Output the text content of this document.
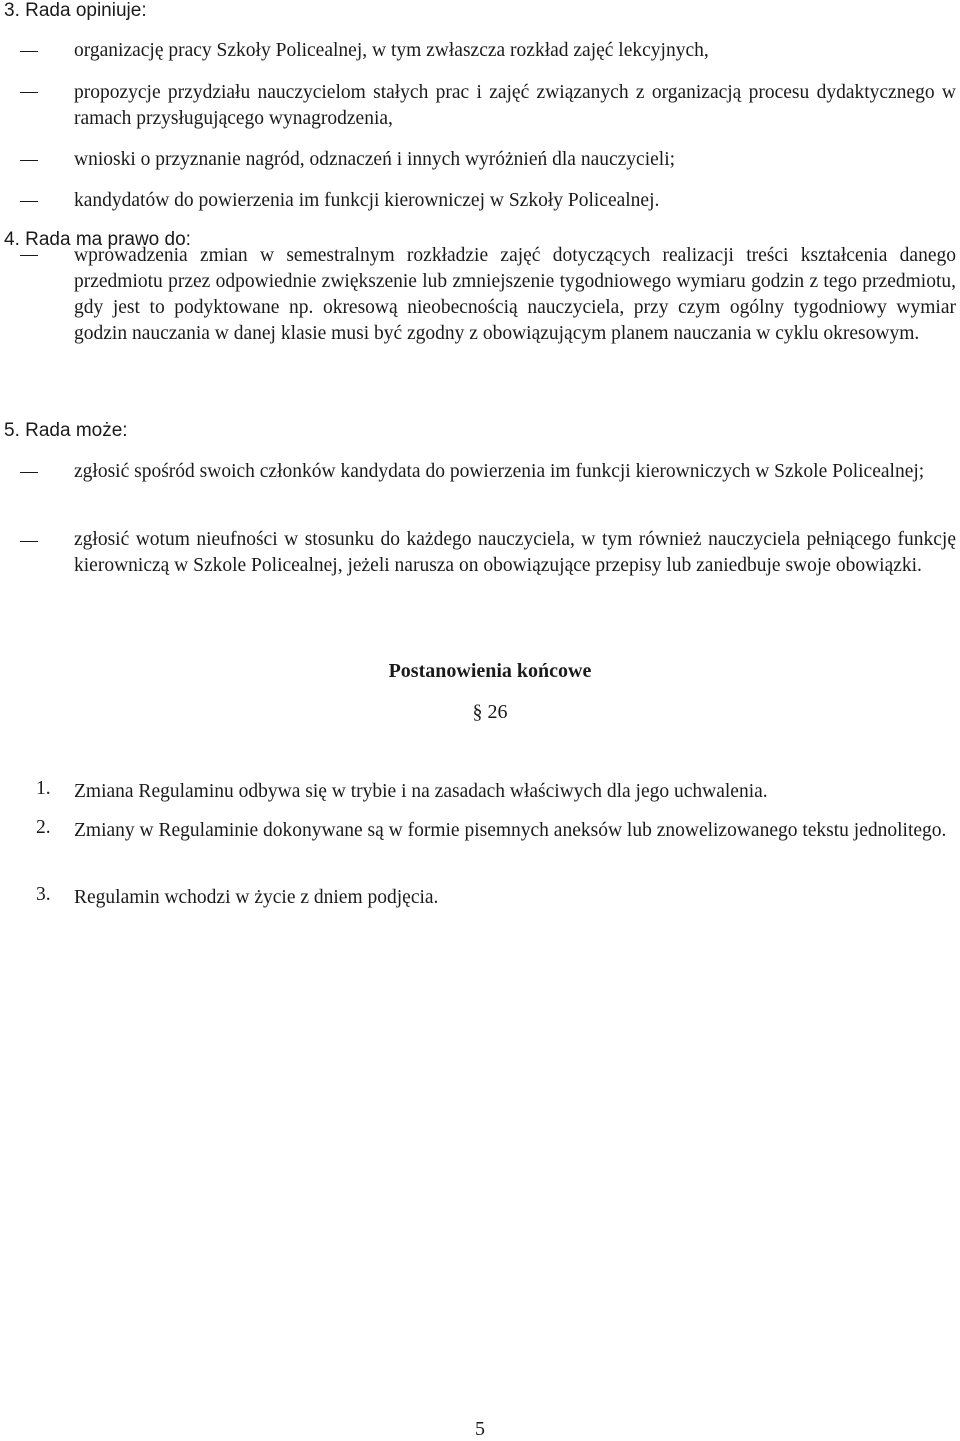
3. Rada opiniuje:
organizację pracy Szkoły Policealnej, w tym zwłaszcza rozkład zajęć lekcyjnych,
propozycje przydziału nauczycielom stałych prac i zajęć związanych z organizacją procesu dydaktycznego w ramach przysługującego wynagrodzenia,
wnioski o przyznanie nagród, odznaczeń i innych wyróżnień dla nauczycieli;
kandydatów do powierzenia im funkcji kierowniczej w Szkoły Policealnej.
4. Rada ma prawo do:
wprowadzenia zmian w semestralnym rozkładzie zajęć dotyczących realizacji treści kształcenia danego przedmiotu przez odpowiednie zwiększenie lub zmniejszenie tygodniowego wymiaru godzin z tego przedmiotu, gdy jest to podyktowane np. okresową nieobecnością nauczyciela, przy czym ogólny tygodniowy wymiar godzin nauczania w danej klasie musi być zgodny z obowiązującym planem nauczania w cyklu okresowym.
5. Rada może:
zgłosić spośród swoich członków kandydata do powierzenia im funkcji kierowniczych w Szkole Policealnej;
zgłosić wotum nieufności w stosunku do każdego nauczyciela, w tym również nauczyciela pełniącego funkcję kierowniczą w Szkole Policealnej, jeżeli narusza on obowiązujące przepisy lub zaniedbuje swoje obowiązki.
Postanowienia końcowe
§ 26
1.	Zmiana Regulaminu odbywa się w trybie i na zasadach właściwych dla jego uchwalenia.
2.	Zmiany w Regulaminie dokonywane są w formie pisemnych aneksów lub znowelizowanego tekstu jednolitego.
3.	Regulamin wchodzi w życie z dniem podjęcia.
5
